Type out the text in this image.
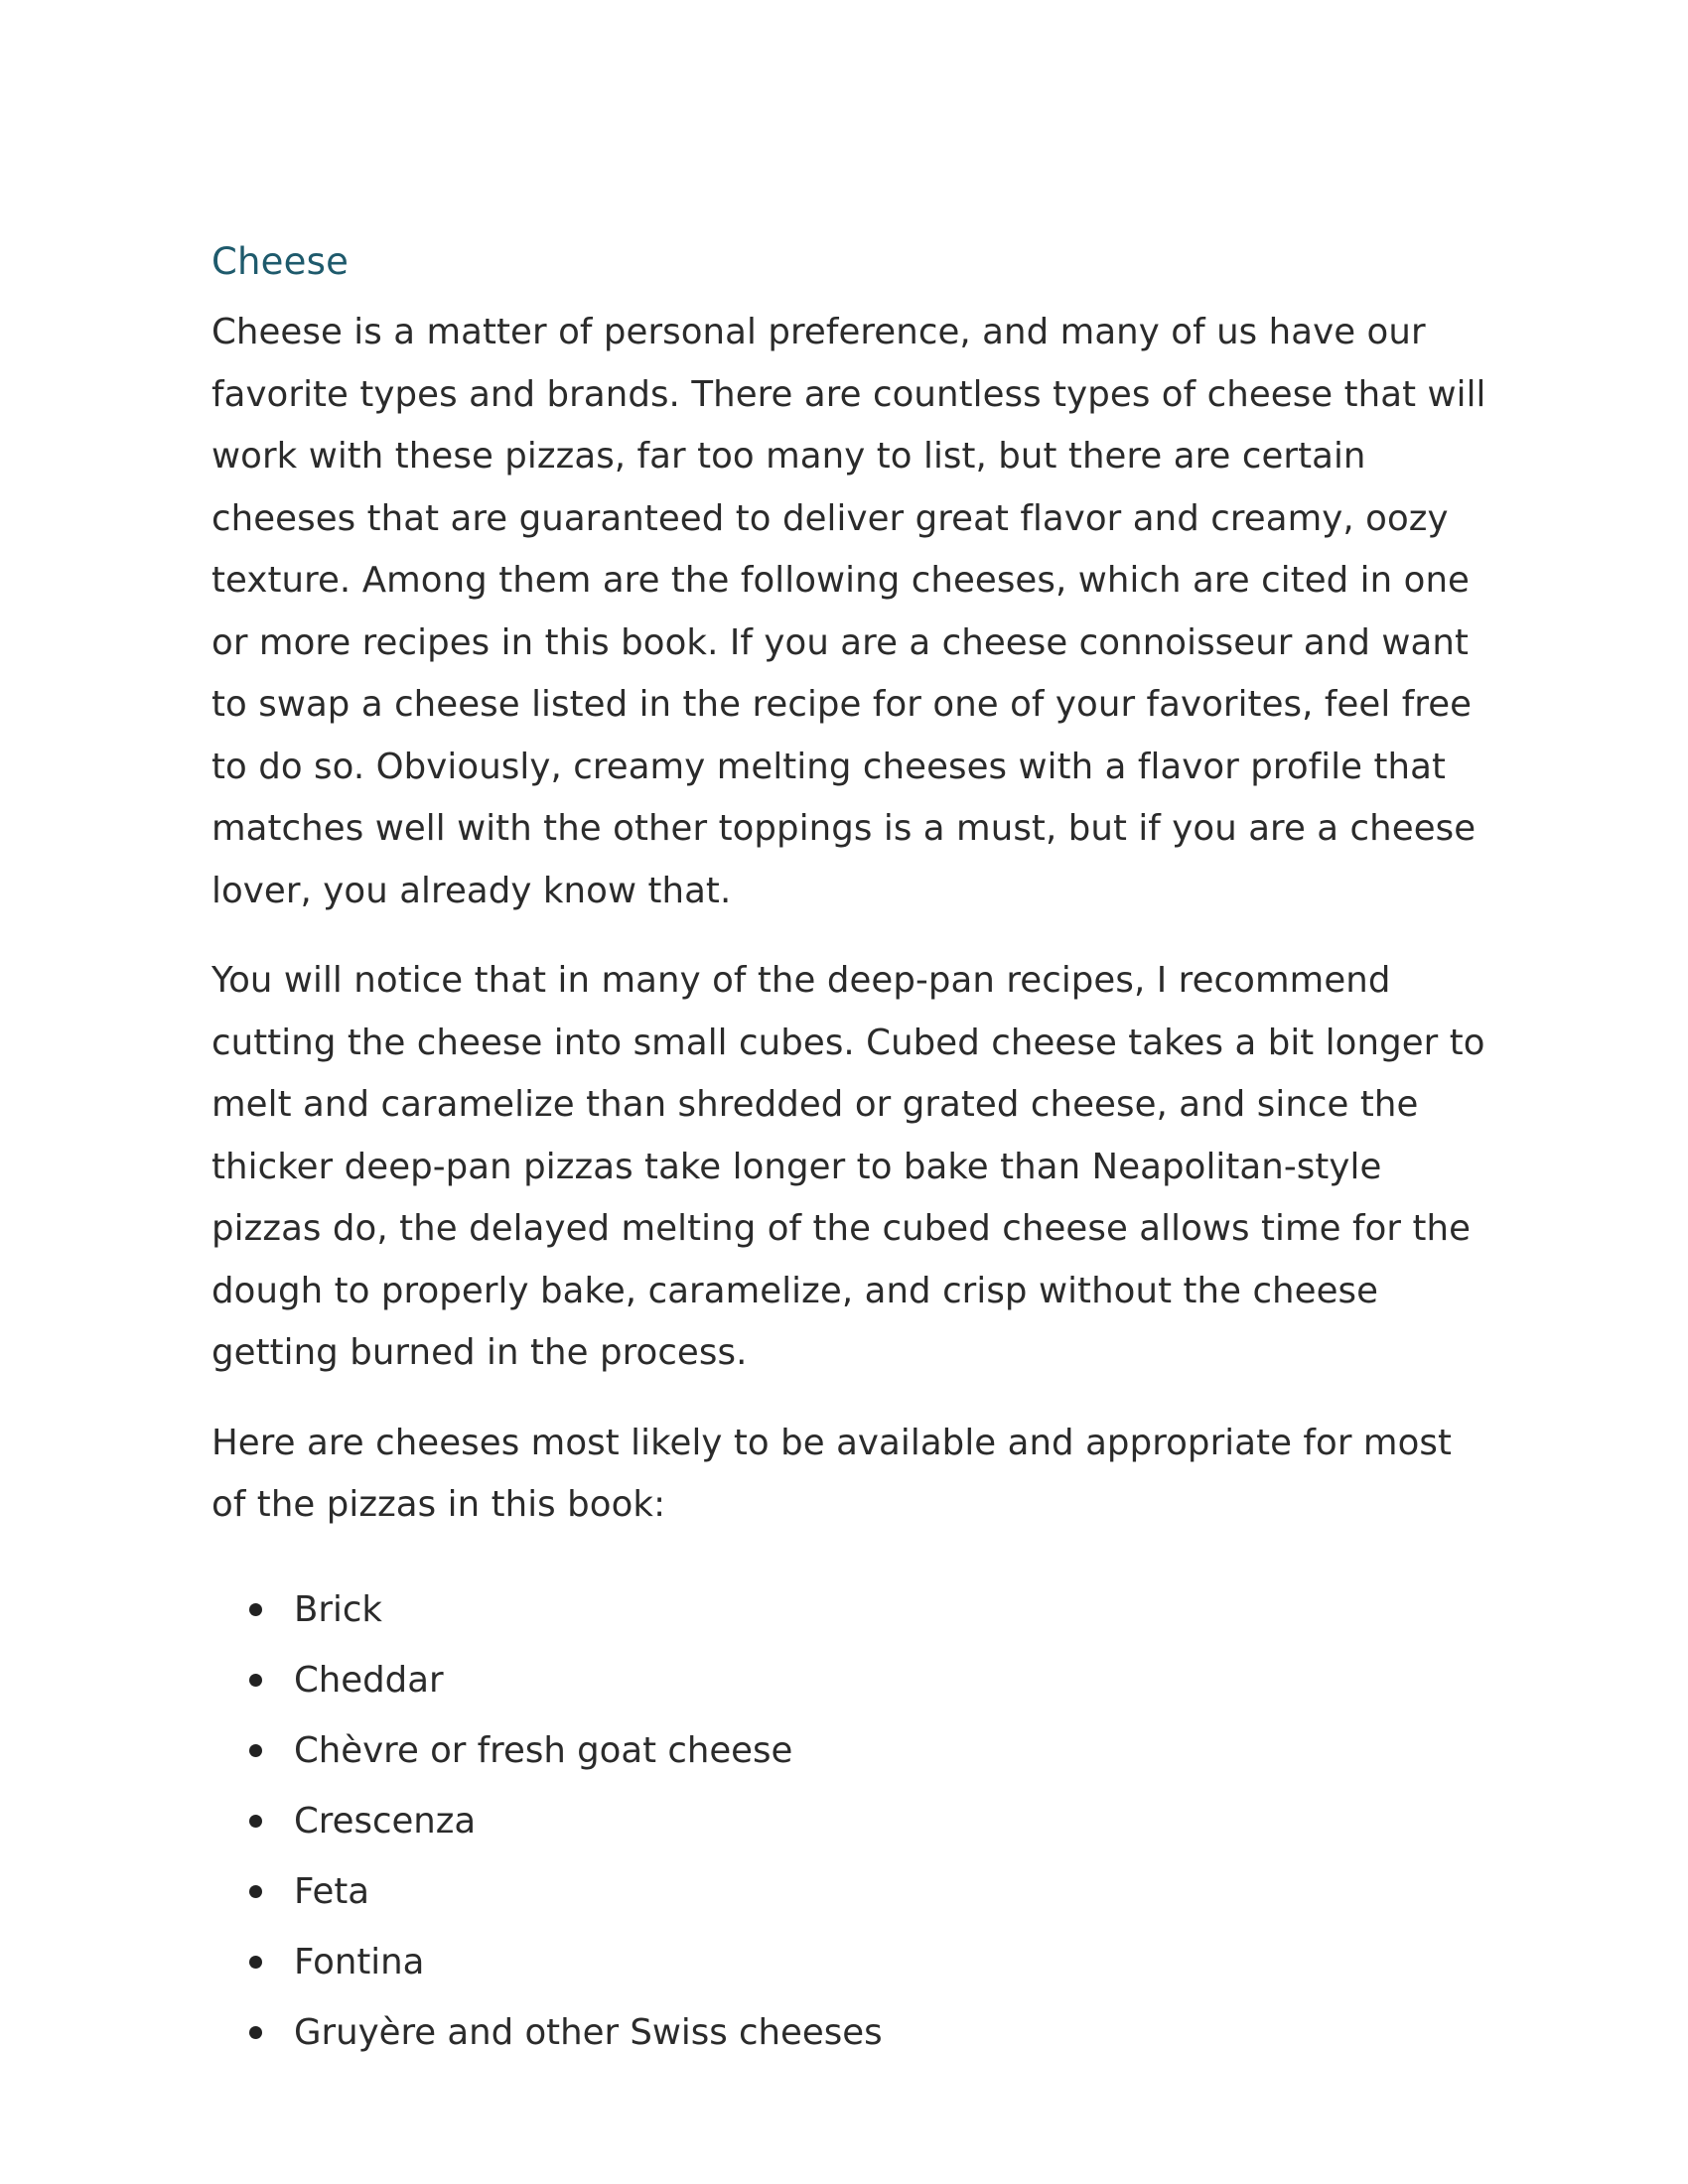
Cheese

Cheese is a matter of personal preference, and many of us have our favorite types and brands. There are countless types of cheese that will work with these pizzas, far too many to list, but there are certain cheeses that are guaranteed to deliver great flavor and creamy, oozy texture. Among them are the following cheeses, which are cited in one or more recipes in this book. If you are a cheese connoisseur and want to swap a cheese listed in the recipe for one of your favorites, feel free to do so. Obviously, creamy melting cheeses with a flavor profile that matches well with the other toppings is a must, but if you are a cheese lover, you already know that.

You will notice that in many of the deep-pan recipes, I recommend cutting the cheese into small cubes. Cubed cheese takes a bit longer to melt and caramelize than shredded or grated cheese, and since the thicker deep-pan pizzas take longer to bake than Neapolitan-style pizzas do, the delayed melting of the cubed cheese allows time for the dough to properly bake, caramelize, and crisp without the cheese getting burned in the process.

Here are cheeses most likely to be available and appropriate for most of the pizzas in this book:

Brick
Cheddar
Chèvre or fresh goat cheese
Crescenza
Feta
Fontina
Gruyère and other Swiss cheeses
